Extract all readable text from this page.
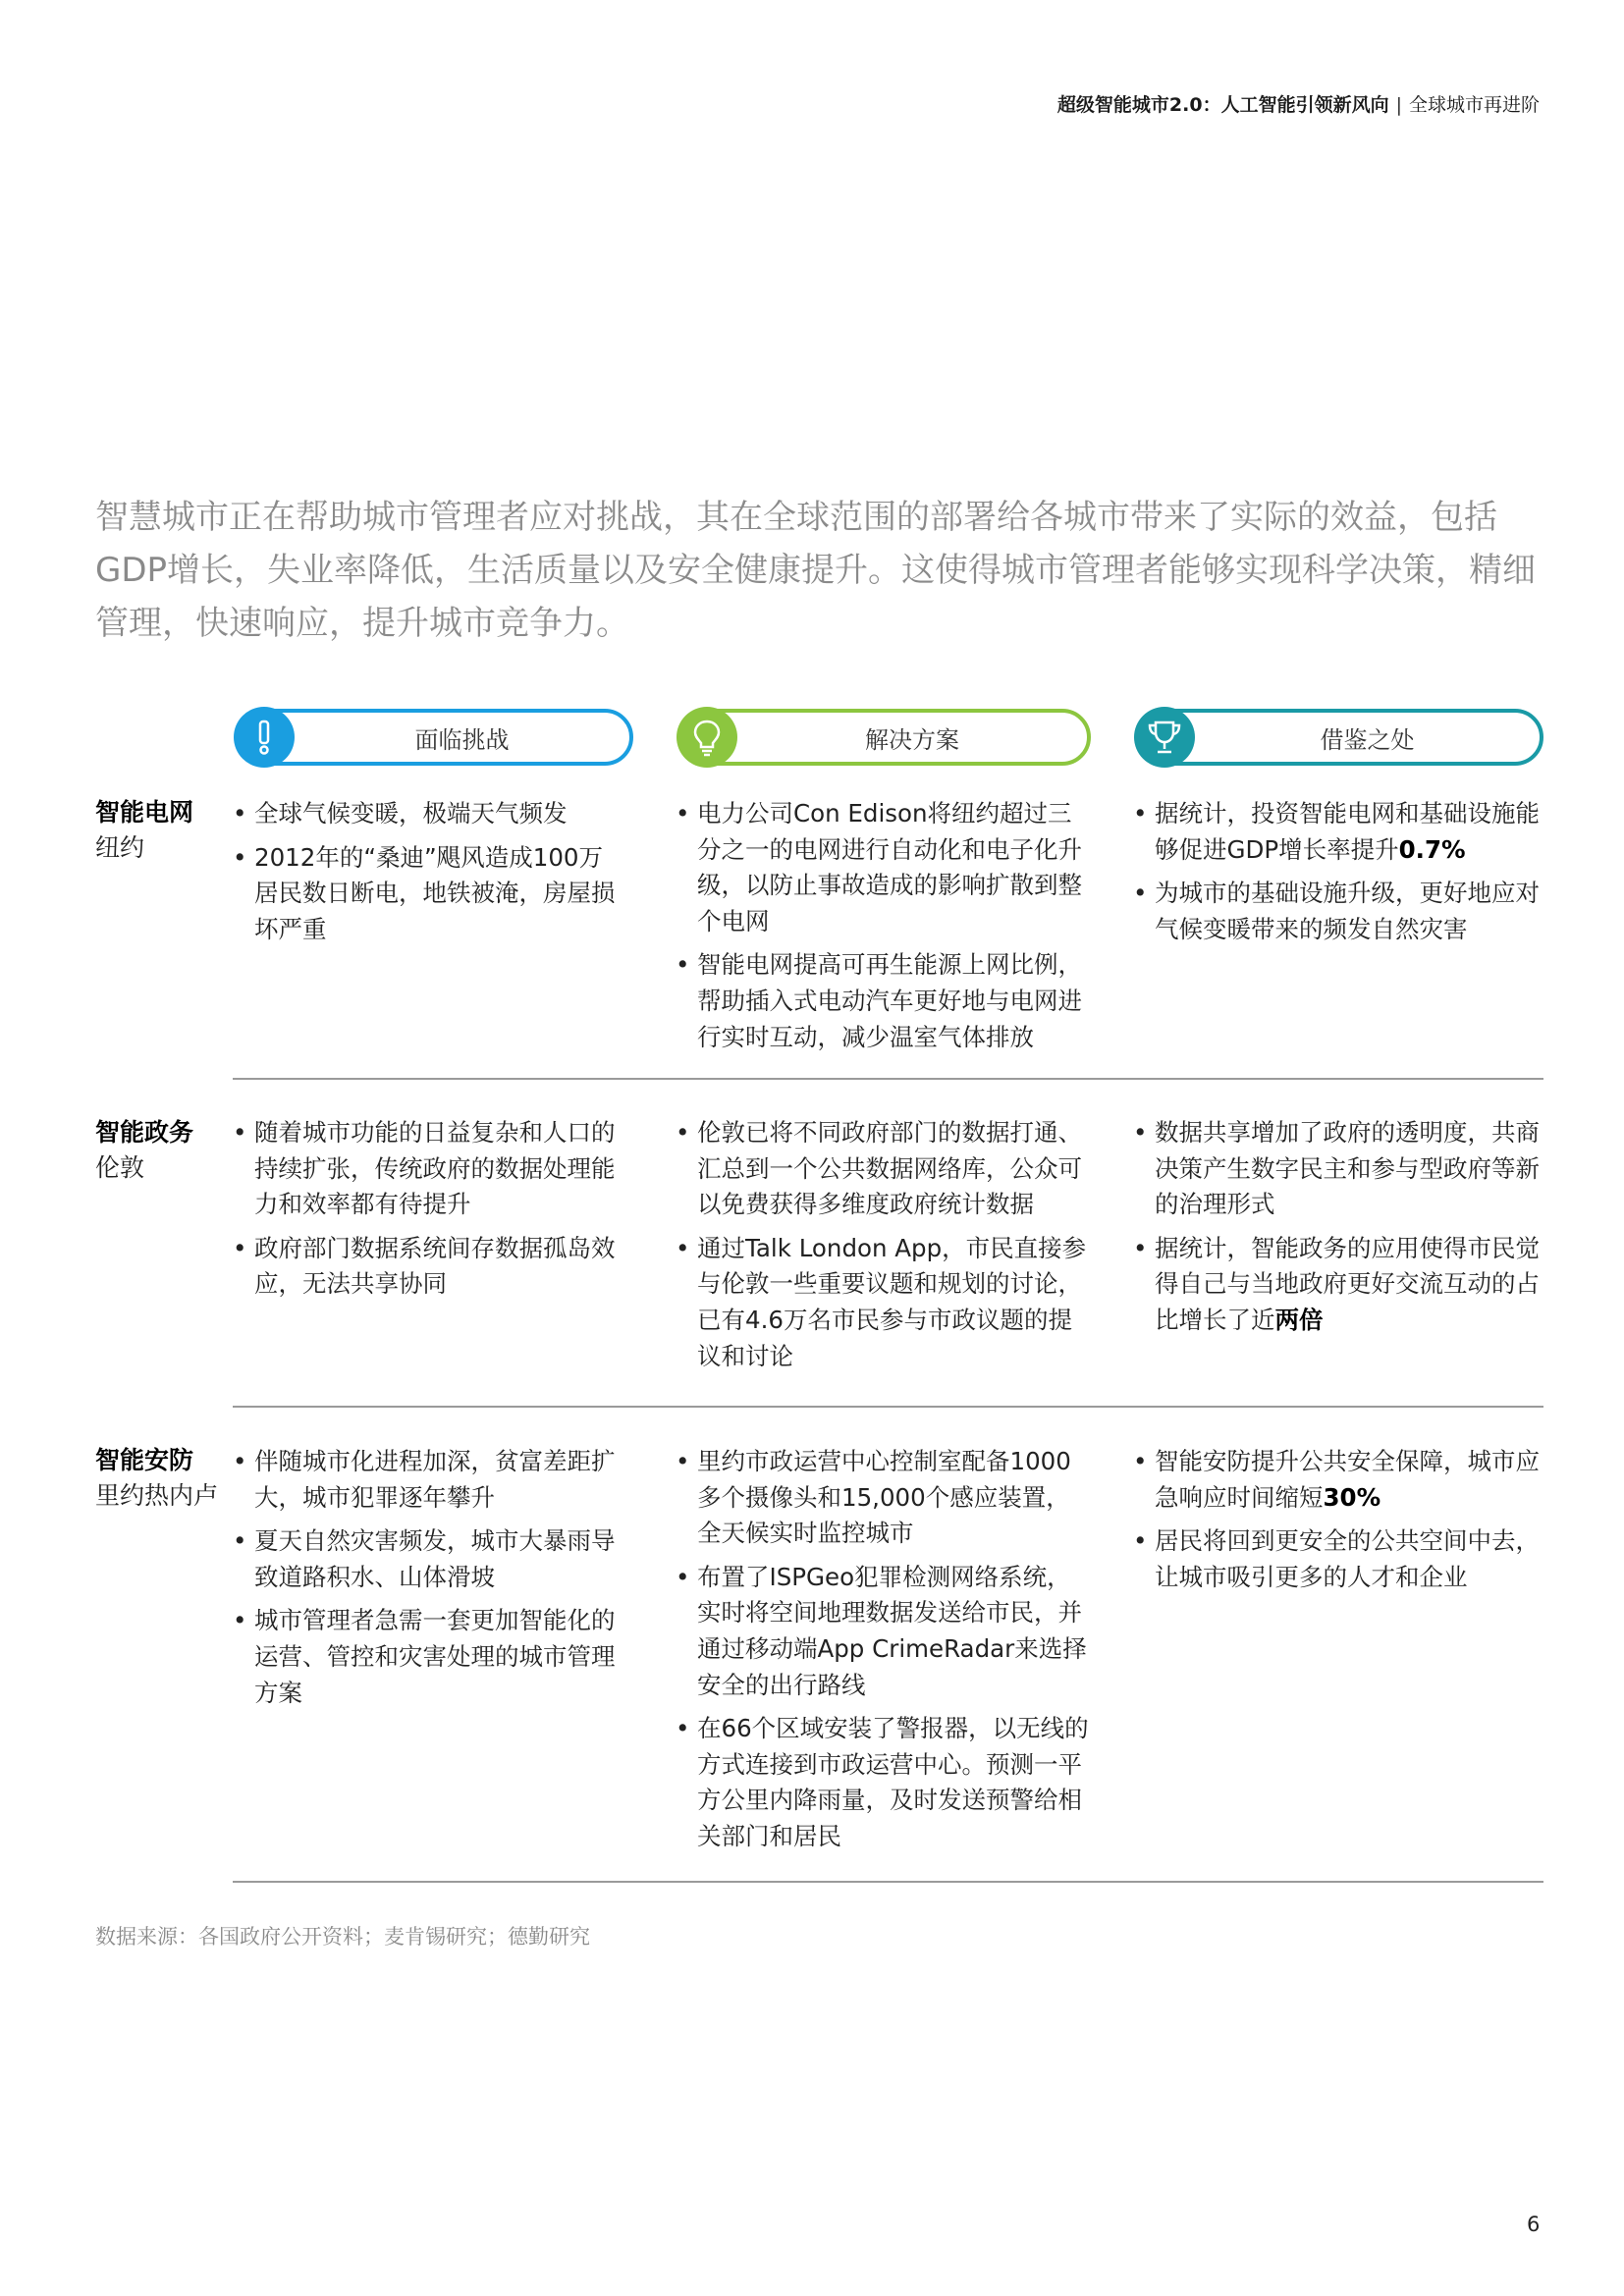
超级智能城市2.0：人工智能引领新风向 | 全球城市再进阶
智慧城市正在帮助城市管理者应对挑战，其在全球范围的部署给各城市带来了实际的效益，包括GDP增长，失业率降低，生活质量以及安全健康提升。这使得城市管理者能够实现科学决策，精细管理，快速响应，提升城市竞争力。
面临挑战	解决方案	借鉴之处
智能电网
纽约
• 全球气候变暖，极端天气频发
• 2012年的“桑迪”飓风造成100万居民数日断电，地铁被淹，房屋损坏严重
• 电力公司Con Edison将纽约超过三分之一的电网进行自动化和电子化升级，以防止事故造成的影响扩散到整个电网
• 智能电网提高可再生能源上网比例，帮助插入式电动汽车更好地与电网进行实时互动，减少温室气体排放
• 据统计，投资智能电网和基础设施能够促进GDP增长率提升0.7%
• 为城市的基础设施升级，更好地应对气候变暖带来的频发自然灾害
智能政务
伦敦
• 随着城市功能的日益复杂和人口的持续扩张，传统政府的数据处理能力和效率都有待提升
• 政府部门数据系统间存数据孤岛效应，无法共享协同
• 伦敦已将不同政府部门的数据打通、汇总到一个公共数据网络库，公众可以免费获得多维度政府统计数据
• 通过Talk London App，市民直接参与伦敦一些重要议题和规划的讨论，已有4.6万名市民参与市政议题的提议和讨论
• 数据共享增加了政府的透明度，共商决策产生数字民主和参与型政府等新的治理形式
• 据统计，智能政务的应用使得市民觉得自己与当地政府更好交流互动的占比增长了近两倍
智能安防
里约热内卢
• 伴随城市化进程加深，贫富差距扩大，城市犯罪逐年攀升
• 夏天自然灾害频发，城市大暴雨导致道路积水、山体滑坡
• 城市管理者急需一套更加智能化的运营、管控和灾害处理的城市管理方案
• 里约市政运营中心控制室配备1000多个摄像头和15,000个感应装置，全天候实时监控城市
• 布置了ISPGeo犯罪检测网络系统，实时将空间地理数据发送给市民，并通过移动端App CrimeRadar来选择安全的出行路线
• 在66个区域安装了警报器，以无线的方式连接到市政运营中心。预测一平方公里内降雨量，及时发送预警给相关部门和居民
• 智能安防提升公共安全保障，城市应急响应时间缩短30%
• 居民将回到更安全的公共空间中去，让城市吸引更多的人才和企业
数据来源：各国政府公开资料；麦肯锡研究；德勤研究
6
